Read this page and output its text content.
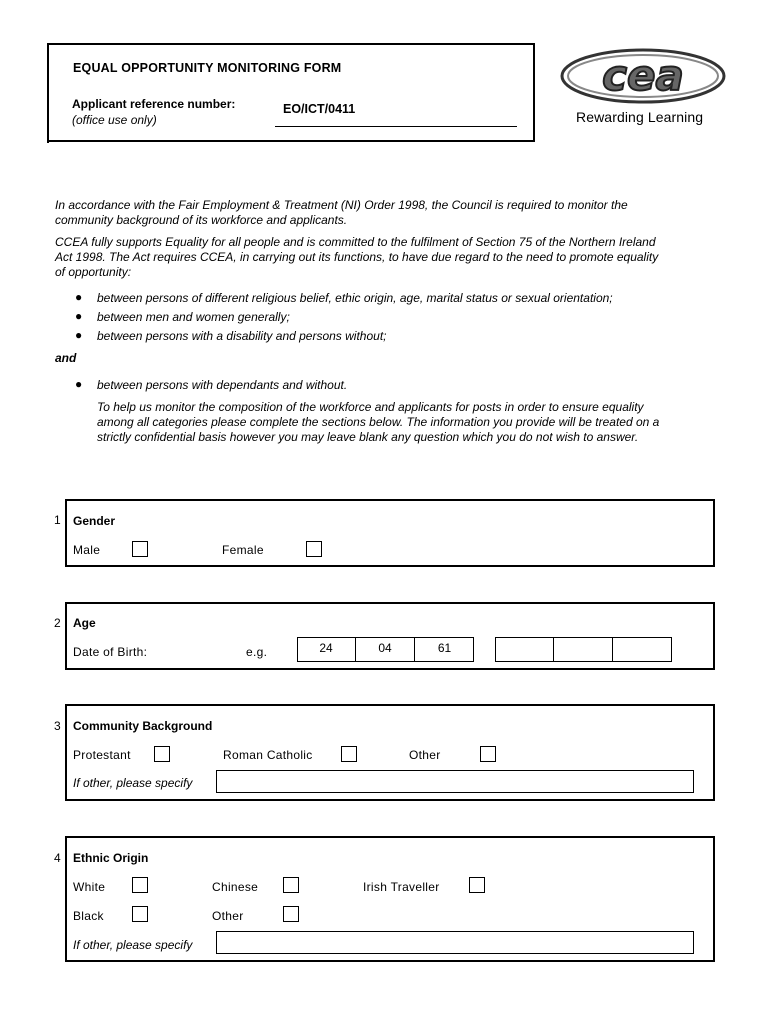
EQUAL OPPORTUNITY MONITORING FORM
Applicant reference number:
(office use only)
EO/ICT/0411
cea
Rewarding Learning
In accordance with the Fair Employment & Treatment (NI) Order 1998, the Council is required to monitor the
community background of its workforce and applicants.
CCEA fully supports Equality for all people and is committed to the fulfilment of Section 75 of the Northern Ireland
Act 1998. The Act requires CCEA, in carrying out its functions, to have due regard to the need to promote equality
of opportunity:
● between persons of different religious belief, ethic origin, age, marital status or sexual orientation;
● between men and women generally;
● between persons with a disability and persons without;
and
● between persons with dependants and without.
To help us monitor the composition of the workforce and applicants for posts in order to ensure equality
among all categories please complete the sections below. The information you provide will be treated on a
strictly confidential basis however you may leave blank any question which you do not wish to answer.
1 Gender
Male	Female
2 Age
Date of Birth:	e.g.	24	04	61
3 Community Background
Protestant	Roman Catholic	Other
If other, please specify
4 Ethnic Origin
White	Chinese	Irish Traveller
Black	Other
If other, please specify
